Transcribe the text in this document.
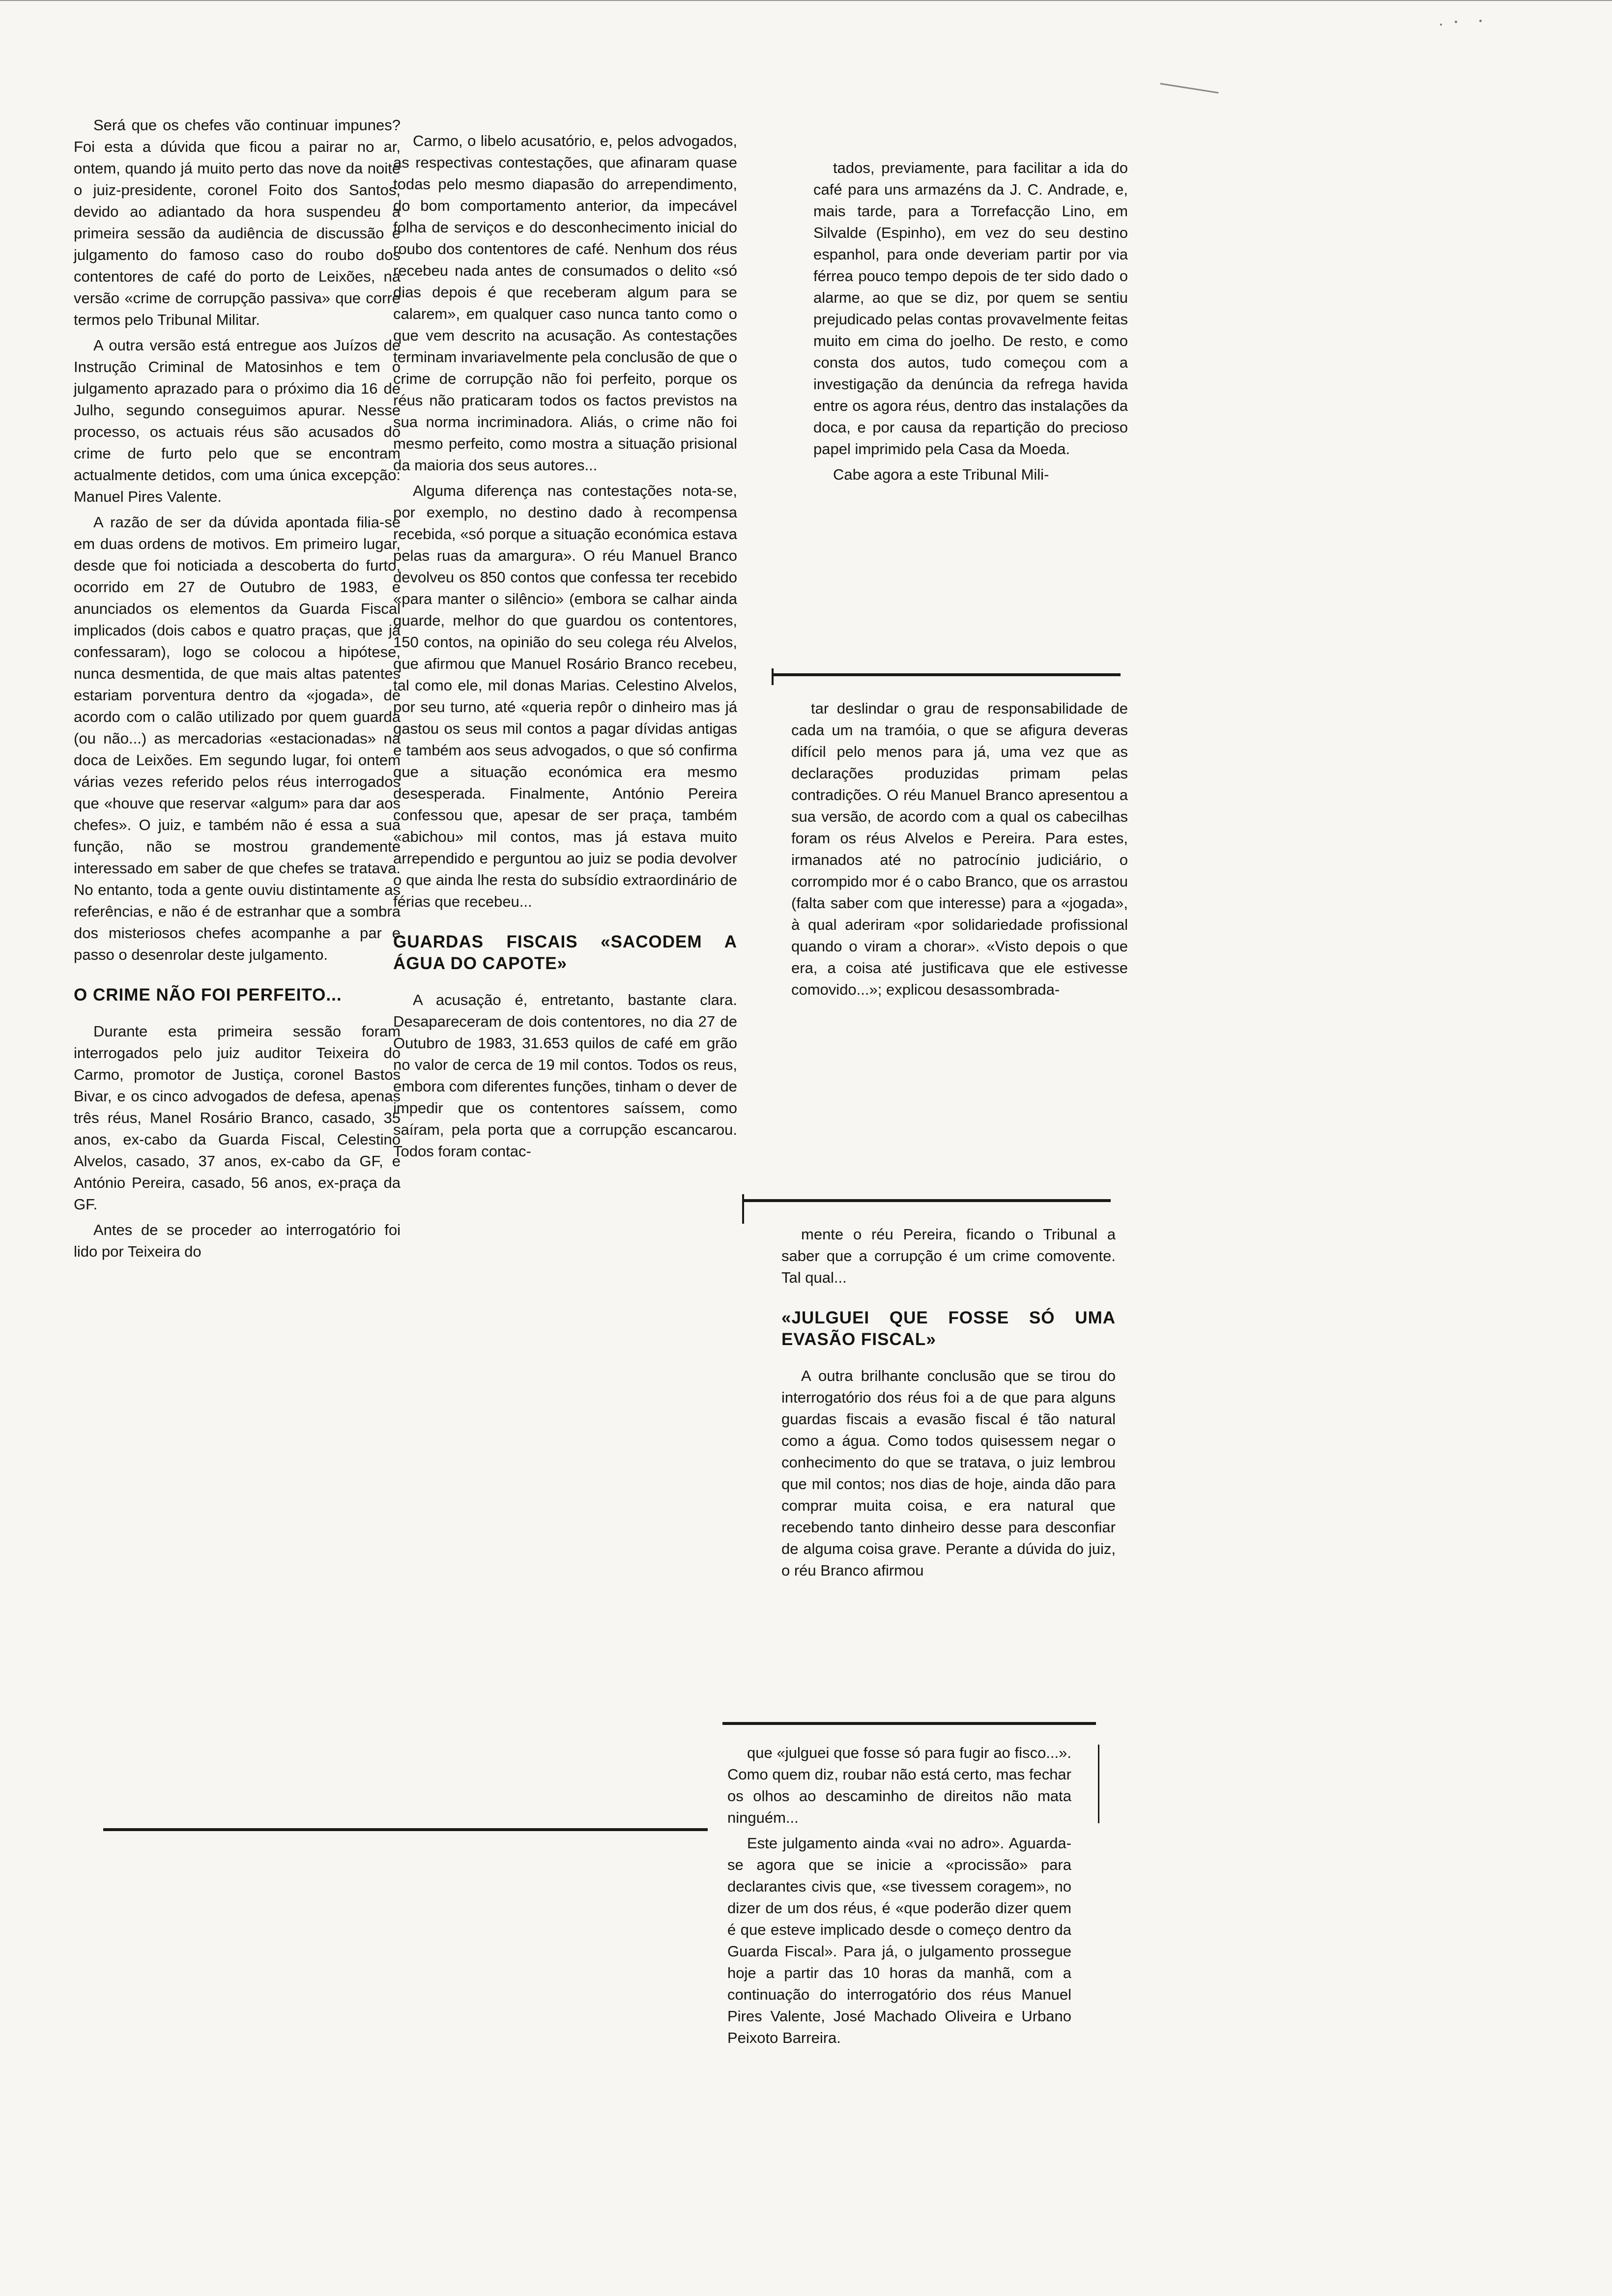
Será que os chefes vão continuar impunes? Foi esta a dúvida que ficou a pairar no ar, ontem, quando já muito perto das nove da noite o juiz-presidente, coronel Foito dos Santos, devido ao adiantado da hora suspendeu a primeira sessão da audiência de discussão e julgamento do famoso caso do roubo dos contentores de café do porto de Leixões, na versão «crime de corrupção passiva» que corre termos pelo Tribunal Militar.

A outra versão está entregue aos Juízos de Instrução Criminal de Matosinhos e tem o julgamento aprazado para o próximo dia 16 de Julho, segundo conseguimos apurar. Nesse processo, os actuais réus são acusados do crime de furto pelo que se encontram actualmente detidos, com uma única excepção: Manuel Pires Valente.

A razão de ser da dúvida apontada filia-se em duas ordens de motivos. Em primeiro lugar, desde que foi noticiada a descoberta do furto, ocorrido em 27 de Outubro de 1983, e anunciados os elementos da Guarda Fiscal implicados (dois cabos e quatro praças, que já confessaram), logo se colocou a hipótese, nunca desmentida, de que mais altas patentes estariam porventura dentro da «jogada», de acordo com o calão utilizado por quem guarda (ou não...) as mercadorias «estacionadas» na doca de Leixões. Em segundo lugar, foi ontem várias vezes referido pelos réus interrogados que «houve que reservar «algum» para dar aos chefes». O juiz, e também não é essa a sua função, não se mostrou grandemente interessado em saber de que chefes se tratava. No entanto, toda a gente ouviu distintamente as referências, e não é de estranhar que a sombra dos misteriosos chefes acompanhe a par e passo o desenrolar deste julgamento.

O CRIME NÃO FOI PERFEITO...

Durante esta primeira sessão foram interrogados pelo juiz auditor Teixeira do Carmo, promotor de Justiça, coronel Bastos Bivar, e os cinco advogados de defesa, apenas três réus, Manel Rosário Branco, casado, 35 anos, ex-cabo da Guarda Fiscal, Celestino Alvelos, casado, 37 anos, ex-cabo da GF, e António Pereira, casado, 56 anos, ex-praça da GF.

Antes de se proceder ao interrogatório foi lido por Teixeira do

Carmo, o libelo acusatório, e, pelos advogados, as respectivas contestações, que afinaram quase todas pelo mesmo diapasão do arrependimento, do bom comportamento anterior, da impecável folha de serviços e do desconhecimento inicial do roubo dos contentores de café. Nenhum dos réus recebeu nada antes de consumados o delito «só dias depois é que receberam algum para se calarem», em qualquer caso nunca tanto como o que vem descrito na acusação. As contestações terminam invariavelmente pela conclusão de que o crime de corrupção não foi perfeito, porque os réus não praticaram todos os factos previstos na sua norma incriminadora. Aliás, o crime não foi mesmo perfeito, como mostra a situação prisional da maioria dos seus autores...

Alguma diferença nas contestações nota-se, por exemplo, no destino dado à recompensa recebida, «só porque a situação económica estava pelas ruas da amargura». O réu Manuel Branco devolveu os 850 contos que confessa ter recebido «para manter o silêncio» (embora se calhar ainda guarde, melhor do que guardou os contentores, 150 contos, na opinião do seu colega réu Alvelos, que afirmou que Manuel Rosário Branco recebeu, tal como ele, mil donas Marias. Celestino Alvelos, por seu turno, até «queria repôr o dinheiro mas já gastou os seus mil contos a pagar dívidas antigas e também aos seus advogados, o que só confirma que a situação económica era mesmo desesperada. Finalmente, António Pereira confessou que, apesar de ser praça, também «abichou» mil contos, mas já estava muito arrependido e perguntou ao juiz se podia devolver o que ainda lhe resta do subsídio extraordinário de férias que recebeu...

GUARDAS FISCAIS «SACODEM A ÁGUA DO CAPOTE»

A acusação é, entretanto, bastante clara. Desapareceram de dois contentores, no dia 27 de Outubro de 1983, 31.653 quilos de café em grão no valor de cerca de 19 mil contos. Todos os reus, embora com diferentes funções, tinham o dever de impedir que os contentores saíssem, como saíram, pela porta que a corrupção escancarou. Todos foram contac-

tados, previamente, para facilitar a ida do café para uns armazéns da J. C. Andrade, e, mais tarde, para a Torrefacção Lino, em Silvalde (Espinho), em vez do seu destino espanhol, para onde deveriam partir por via férrea pouco tempo depois de ter sido dado o alarme, ao que se diz, por quem se sentiu prejudicado pelas contas provavelmente feitas muito em cima do joelho. De resto, e como consta dos autos, tudo começou com a investigação da denúncia da refrega havida entre os agora réus, dentro das instalações da doca, e por causa da repartição do precioso papel imprimido pela Casa da Moeda.

Cabe agora a este Tribunal Mili-

tar deslindar o grau de responsabilidade de cada um na tramóia, o que se afigura deveras difícil pelo menos para já, uma vez que as declarações produzidas primam pelas contradições. O réu Manuel Branco apresentou a sua versão, de acordo com a qual os cabecilhas foram os réus Alvelos e Pereira. Para estes, irmanados até no patrocínio judiciário, o corrompido mor é o cabo Branco, que os arrastou (falta saber com que interesse) para a «jogada», à qual aderiram «por solidariedade profissional quando o viram a chorar». «Visto depois o que era, a coisa até justificava que ele estivesse comovido...»; explicou desassombrada-

mente o réu Pereira, ficando o Tribunal a saber que a corrupção é um crime comovente. Tal qual...

«JULGUEI QUE FOSSE SÓ UMA EVASÃO FISCAL»

A outra brilhante conclusão que se tirou do interrogatório dos réus foi a de que para alguns guardas fiscais a evasão fiscal é tão natural como a água. Como todos quisessem negar o conhecimento do que se tratava, o juiz lembrou que mil contos; nos dias de hoje, ainda dão para comprar muita coisa, e era natural que recebendo tanto dinheiro desse para desconfiar de alguma coisa grave. Perante a dúvida do juiz, o réu Branco afirmou

que «julguei que fosse só para fugir ao fisco...». Como quem diz, roubar não está certo, mas fechar os olhos ao descaminho de direitos não mata ninguém...

Este julgamento ainda «vai no adro». Aguarda-se agora que se inicie a «procissão» para declarantes civis que, «se tivessem coragem», no dizer de um dos réus, é «que poderão dizer quem é que esteve implicado desde o começo dentro da Guarda Fiscal». Para já, o julgamento prossegue hoje a partir das 10 horas da manhã, com a continuação do interrogatório dos réus Manuel Pires Valente, José Machado Oliveira e Urbano Peixoto Barreira.
